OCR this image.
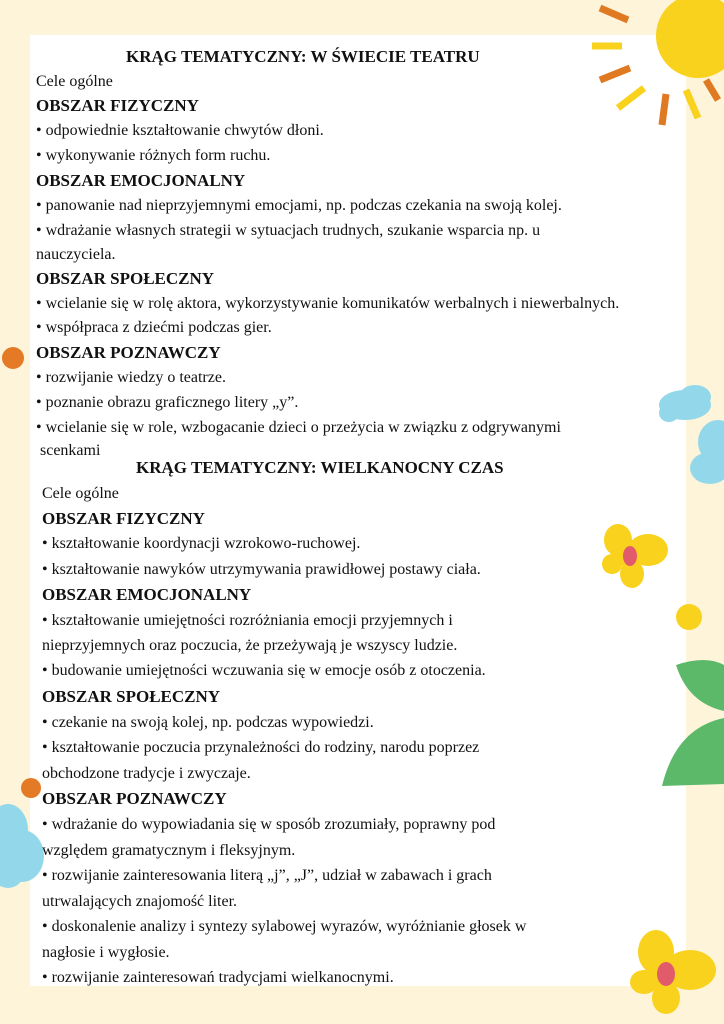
KRĄG TEMATYCZNY: W ŚWIECIE TEATRU
Cele ogólne
OBSZAR FIZYCZNY
• odpowiednie kształtowanie chwytów dłoni.
• wykonywanie różnych form ruchu.
OBSZAR EMOCJONALNY
• panowanie nad nieprzyjemnymi emocjami, np. podczas czekania na swoją kolej.
• wdrażanie własnych strategii w sytuacjach trudnych, szukanie wsparcia np. u
nauczyciela.
OBSZAR SPOŁECZNY
• wcielanie się w rolę aktora, wykorzystywanie komunikatów werbalnych i niewerbalnych.
• współpraca z dziećmi podczas gier.
OBSZAR POZNAWCZY
• rozwijanie wiedzy o teatrze.
• poznanie obrazu graficznego litery „y”.
• wcielanie się w role, wzbogacanie dzieci o przeżycia w związku z odgrywanymi
scenkami
KRĄG TEMATYCZNY: WIELKANOCNY CZAS
Cele ogólne
OBSZAR FIZYCZNY
• kształtowanie koordynacji wzrokowo-ruchowej.
• kształtowanie nawyków utrzymywania prawidłowej postawy ciała.
OBSZAR EMOCJONALNY
• kształtowanie umiejętności rozróżniania emocji przyjemnych i
nieprzyjemnych oraz poczucia, że przeżywają je wszyscy ludzie.
• budowanie umiejętności wczuwania się w emocje osób z otoczenia.
OBSZAR SPOŁECZNY
• czekanie na swoją kolej, np. podczas wypowiedzi.
• kształtowanie poczucia przynależności do rodziny, narodu poprzez
obchodzone tradycje i zwyczaje.
OBSZAR POZNAWCZY
• wdrażanie do wypowiadania się w sposób zrozumiały, poprawny pod
względem gramatycznym i fleksyjnym.
• rozwijanie zainteresowania literą „j”, „J”, udział w zabawach i grach
utrwalających znajomość liter.
• doskonalenie analizy i syntezy sylabowej wyrazów, wyróżnianie głosek w
nagłosie i wygłosie.
• rozwijanie zainteresowań tradycjami wielkanocnymi.
